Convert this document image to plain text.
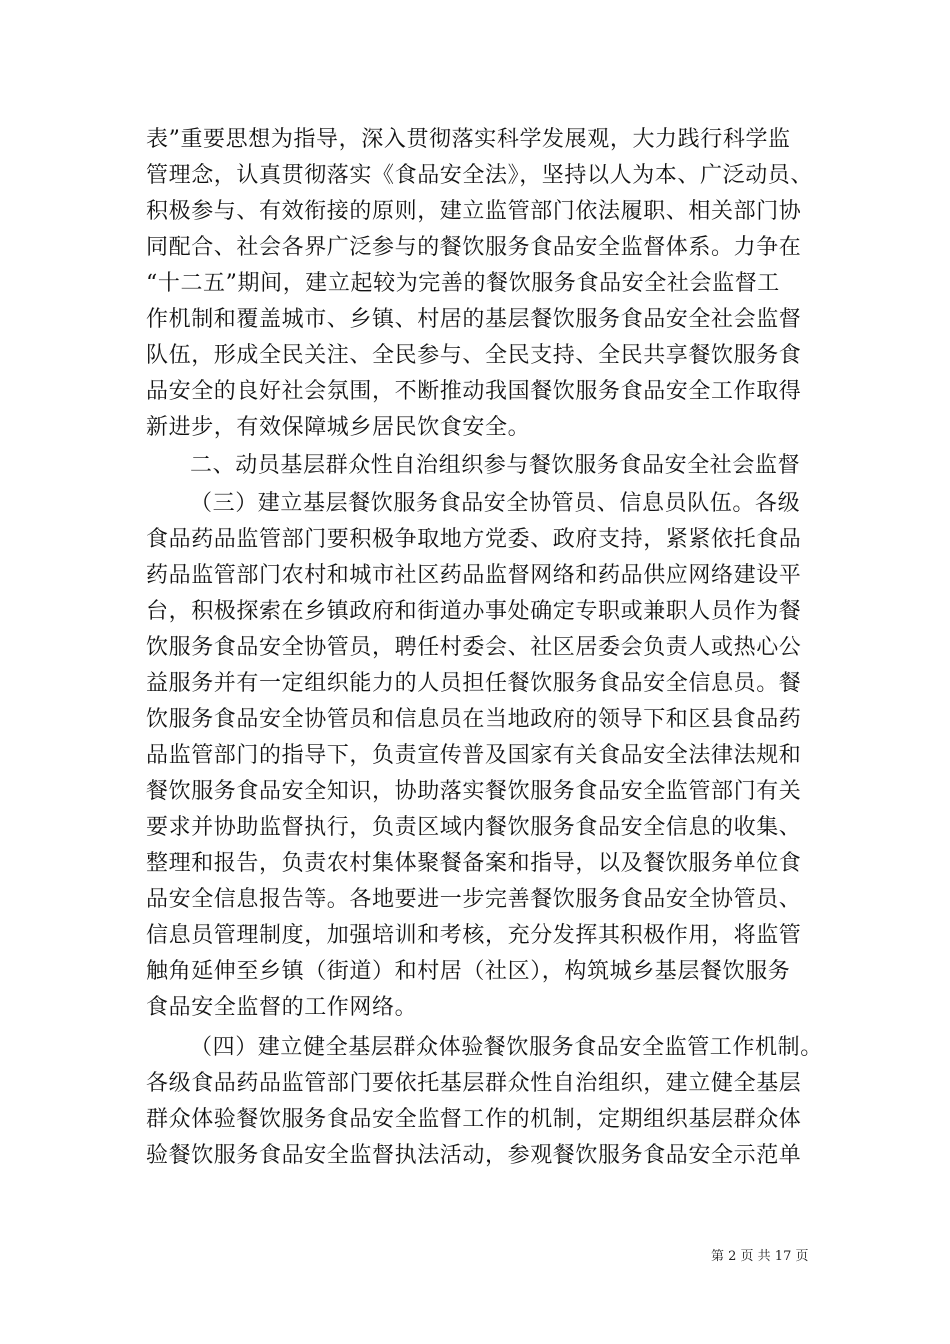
表”重要思想为指导，深入贯彻落实科学发展观，大力践行科学监
管理念，认真贯彻落实《食品安全法》，坚持以人为本、广泛动员、
积极参与、有效衔接的原则，建立监管部门依法履职、相关部门协
同配合、社会各界广泛参与的餐饮服务食品安全监督体系。力争在
“十二五”期间，建立起较为完善的餐饮服务食品安全社会监督工
作机制和覆盖城市、乡镇、村居的基层餐饮服务食品安全社会监督
队伍，形成全民关注、全民参与、全民支持、全民共享餐饮服务食
品安全的良好社会氛围，不断推动我国餐饮服务食品安全工作取得
新进步，有效保障城乡居民饮食安全。
二、动员基层群众性自治组织参与餐饮服务食品安全社会监督
（三）建立基层餐饮服务食品安全协管员、信息员队伍。各级
食品药品监管部门要积极争取地方党委、政府支持，紧紧依托食品
药品监管部门农村和城市社区药品监督网络和药品供应网络建设平
台，积极探索在乡镇政府和街道办事处确定专职或兼职人员作为餐
饮服务食品安全协管员，聘任村委会、社区居委会负责人或热心公
益服务并有一定组织能力的人员担任餐饮服务食品安全信息员。餐
饮服务食品安全协管员和信息员在当地政府的领导下和区县食品药
品监管部门的指导下，负责宣传普及国家有关食品安全法律法规和
餐饮服务食品安全知识，协助落实餐饮服务食品安全监管部门有关
要求并协助监督执行，负责区域内餐饮服务食品安全信息的收集、
整理和报告，负责农村集体聚餐备案和指导，以及餐饮服务单位食
品安全信息报告等。各地要进一步完善餐饮服务食品安全协管员、
信息员管理制度，加强培训和考核，充分发挥其积极作用，将监管
触角延伸至乡镇（街道）和村居（社区），构筑城乡基层餐饮服务
食品安全监督的工作网络。
（四）建立健全基层群众体验餐饮服务食品安全监管工作机制。
各级食品药品监管部门要依托基层群众性自治组织，建立健全基层
群众体验餐饮服务食品安全监督工作的机制，定期组织基层群众体
验餐饮服务食品安全监督执法活动，参观餐饮服务食品安全示范单
第 2 页 共 17 页
